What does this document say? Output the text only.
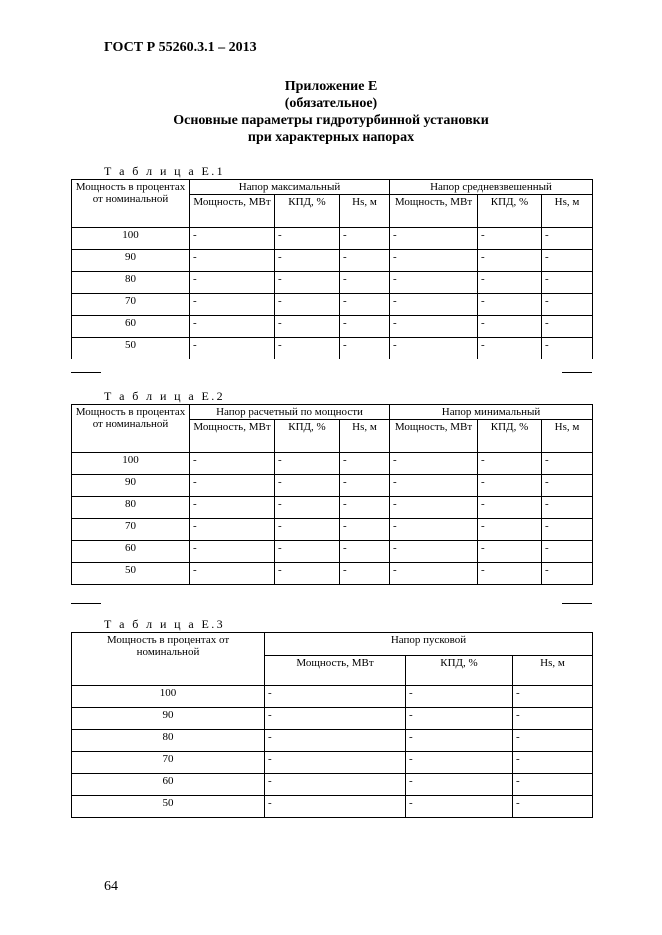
ГОСТ Р 55260.3.1 – 2013
Приложение Е
(обязательное)
Основные параметры гидротурбинной установки
при характерных напорах
Т а б л и ц а Е.1
Мощность в процентах от номинальной	Напор максимальный			Напор средневзвешенный		
	Мощность, МВт	КПД, %	Hs, м	Мощность, МВт	КПД, %	Hs, м
100	-	-	-	-	-	-
90	-	-	-	-	-	-
80	-	-	-	-	-	-
70	-	-	-	-	-	-
60	-	-	-	-	-	-
50	-	-	-	-	-	-
Т а б л и ц а Е.2
Мощность в процентах от номинальной	Напор расчетный по мощности			Напор минимальный		
	Мощность, МВт	КПД, %	Hs, м	Мощность, МВт	КПД, %	Hs, м
100	-	-	-	-	-	-
90	-	-	-	-	-	-
80	-	-	-	-	-	-
70	-	-	-	-	-	-
60	-	-	-	-	-	-
50	-	-	-	-	-	-
Т а б л и ц а Е.3
Мощность в процентах от номинальной	Напор пусковой		
	Мощность, МВт	КПД, %	Hs, м
100	-	-	-
90	-	-	-
80	-	-	-
70	-	-	-
60	-	-	-
50	-	-	-
64
